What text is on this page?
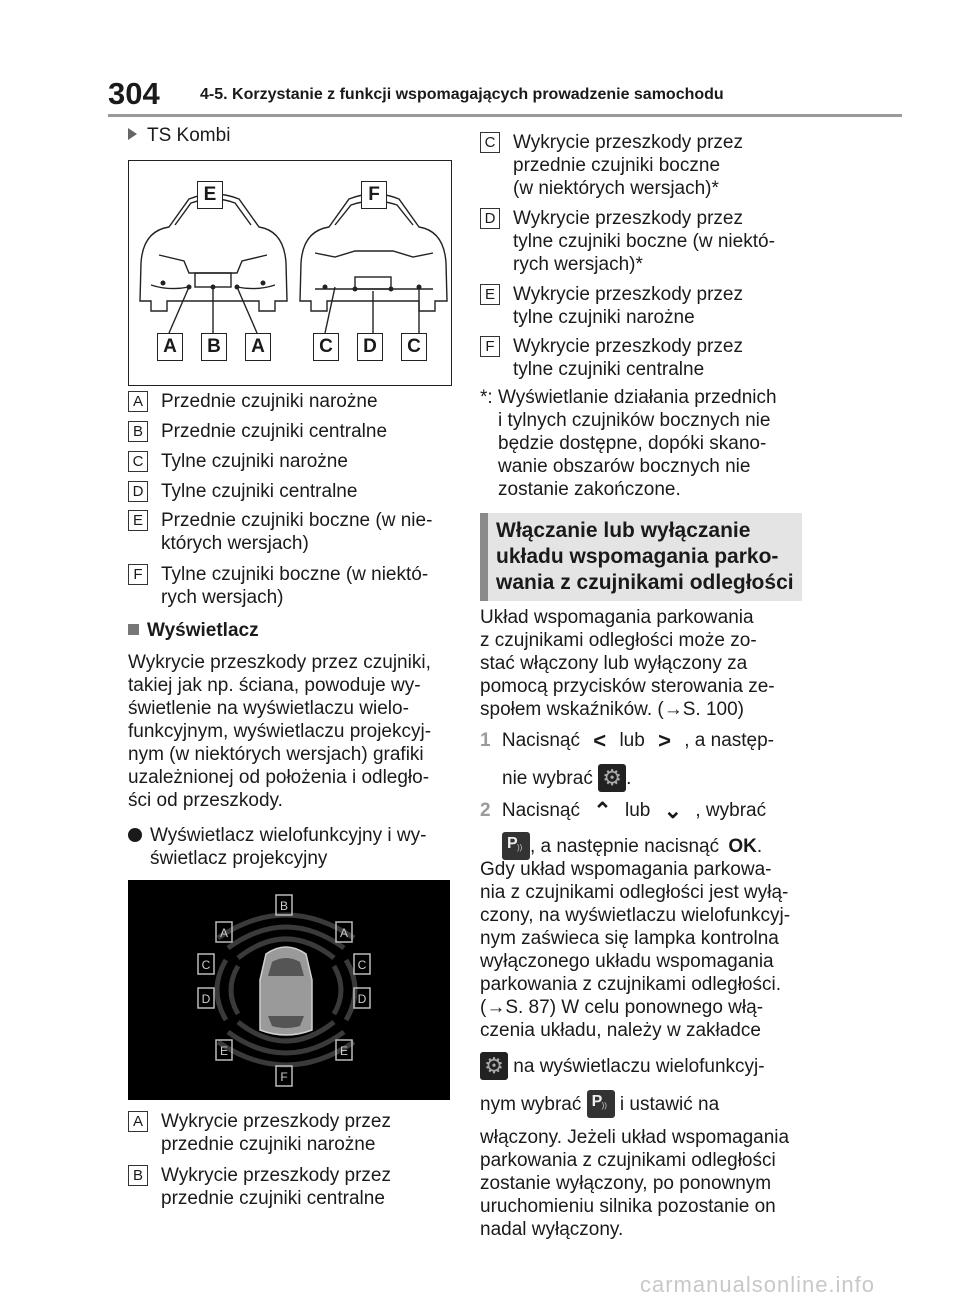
304	4-5. Korzystanie z funkcji wspomagających prowadzenie samochodu
TS Kombi
E	F
A	B	A	C	D	C
A Przednie czujniki narożne
B Przednie czujniki centralne
C Tylne czujniki narożne
D Tylne czujniki centralne
E Przednie czujniki boczne (w nie-
których wersjach)
F Tylne czujniki boczne (w niektó-
rych wersjach)
Wyświetlacz
Wykrycie przeszkody przez czujniki,
takiej jak np. ściana, powoduje wy-
świetlenie na wyświetlaczu wielo-
funkcyjnym, wyświetlaczu projekcyj-
nym (w niektórych wersjach) grafiki
uzależnionej od położenia i odległo-
ści od przeszkody.
Wyświetlacz wielofunkcyjny i wy-
świetlacz projekcyjny
B
A	A
C	C
D	D
E	E
F
A Wykrycie przeszkody przez
przednie czujniki narożne
B Wykrycie przeszkody przez
przednie czujniki centralne
C Wykrycie przeszkody przez
przednie czujniki boczne
(w niektórych wersjach)*
D Wykrycie przeszkody przez
tylne czujniki boczne (w niektó-
rych wersjach)*
E Wykrycie przeszkody przez
tylne czujniki narożne
F Wykrycie przeszkody przez
tylne czujniki centralne
*: Wyświetlanie działania przednich
i tylnych czujników bocznych nie
będzie dostępne, dopóki skano-
wanie obszarów bocznych nie
zostanie zakończone.
Włączanie lub wyłączanie
układu wspomagania parko-
wania z czujnikami odległości
Układ wspomagania parkowania
z czujnikami odległości może zo-
stać włączony lub wyłączony za
pomocą przycisków sterowania ze-
społem wskaźników. (→S. 100)
1 Nacisnąć < lub > , a następ-
nie wybrać ⚙ .
2 Nacisnąć ⌃ lub ⌄ , wybrać
)) P, a następnie nacisnąć OK.
Gdy układ wspomagania parkowa-
nia z czujnikami odległości jest wyłą-
czony, na wyświetlaczu wielofunkcyj-
nym zaświeca się lampka kontrolna
wyłączonego układu wspomagania
parkowania z czujnikami odległości.
(→S. 87) W celu ponownego włą-
czenia układu, należy w zakładce
⚙ na wyświetlaczu wielofunkcyj-
nym wybrać )) P i ustawić na
włączony. Jeżeli układ wspomagania
parkowania z czujnikami odległości
zostanie wyłączony, po ponownym
uruchomieniu silnika pozostanie on
nadal wyłączony.
carmanualsonline.info
